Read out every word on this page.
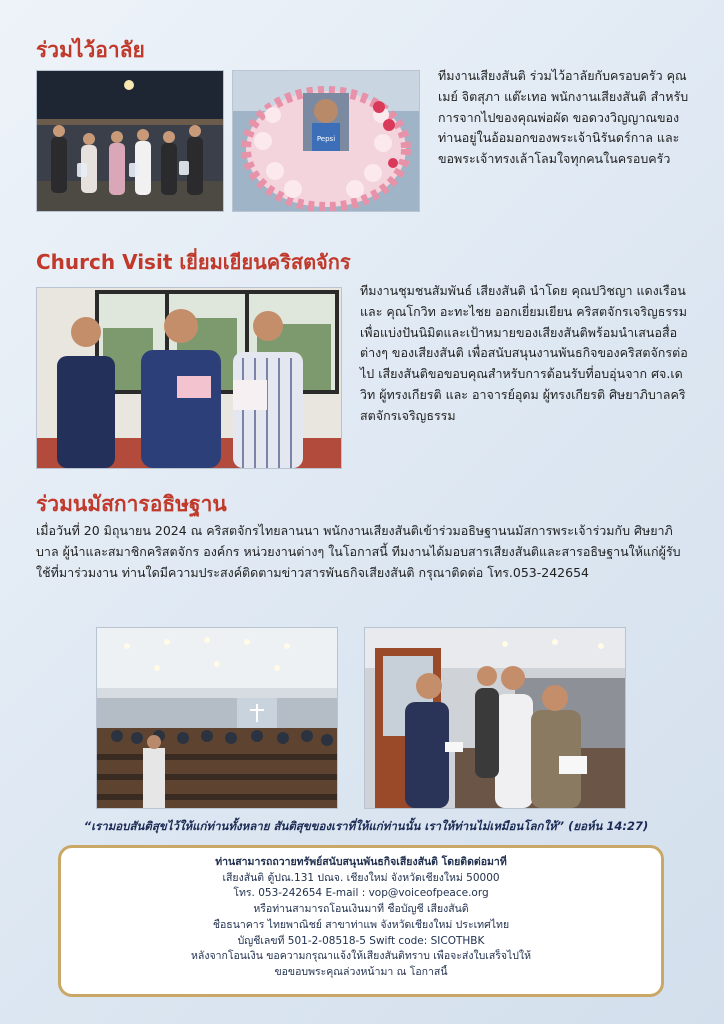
ร่วมไว้อาลัย
Pepsi

ทีมงานเสียงสันติ ร่วมไว้อาลัยกับครอบครัว คุณเมย์ จิตสุภา แต๊ะเทอ พนักงานเสียงสันติ สำหรับการจากไปของคุณพ่อผัด ขอดวงวิญญาณของท่านอยู่ในอ้อมอกของพระเจ้านิรันดร์กาล และขอพระเจ้าทรงเล้าโลมใจทุกคนในครอบครัว

Church Visit เยี่ยมเยียนคริสตจักร

ทีมงานชุมชนสัมพันธ์ เสียงสันติ นำโดย คุณปวิชญา แดงเรือน และ คุณโกวิท อะทะไชย ออกเยี่ยมเยียน คริสตจักรเจริญธรรม เพื่อแบ่งปันนิมิตและเป้าหมายของเสียงสันติพร้อมนำเสนอสื่อต่างๆ ของเสียงสันติ เพื่อสนับสนุนงานพันธกิจของคริสตจักรต่อไป เสียงสันติขอขอบคุณสำหรับการต้อนรับที่อบอุ่นจาก ศจ.เดวิท ผู้ทรงเกียรติ และ อาจารย์อุดม ผู้ทรงเกียรติ ศิษยาภิบาลคริสตจักรเจริญธรรม

ร่วมนมัสการอธิษฐาน

เมื่อวันที่ 20 มิถุนายน 2024 ณ คริสตจักรไทยลานนา พนักงานเสียงสันติเข้าร่วมอธิษฐานนมัสการพระเจ้าร่วมกับ ศิษยาภิบาล ผู้นำและสมาชิกคริสตจักร องค์กร หน่วยงานต่างๆ ในโอกาสนี้ ทีมงานได้มอบสารเสียงสันติและสารอธิษฐานให้แก่ผู้รับใช้ที่มาร่วมงาน ท่านใดมีความประสงค์ติดตามข่าวสารพันธกิจเสียงสันติ กรุณาติดต่อ โทร.053-242654

“เรามอบสันติสุขไว้ให้แก่ท่านทั้งหลาย สันติสุขของเราที่ให้แก่ท่านนั้น เราให้ท่านไม่เหมือนโลกให้” (ยอห์น 14:27)

ท่านสามารถถวายทรัพย์สนับสนุนพันธกิจเสียงสันติ โดยติดต่อมาที่

เสียงสันติ ตู้ปณ.131 ปณจ. เชียงใหม่ จังหวัดเชียงใหม่ 50000

โทร. 053-242654 E-mail : vop@voiceofpeace.org

หรือท่านสามารถโอนเงินมาที่ ชื่อบัญชี เสียงสันติ

ชื่อธนาคาร ไทยพาณิชย์ สาขาท่าแพ จังหวัดเชียงใหม่ ประเทศไทย

บัญชีเลขที่ 501-2-08518-5 Swift code: SICOTHBK

หลังจากโอนเงิน ขอความกรุณาแจ้งให้เสียงสันติทราบ เพื่อจะส่งใบเสร็จไปให้

ขอขอบพระคุณล่วงหน้ามา ณ โอกาสนี้
